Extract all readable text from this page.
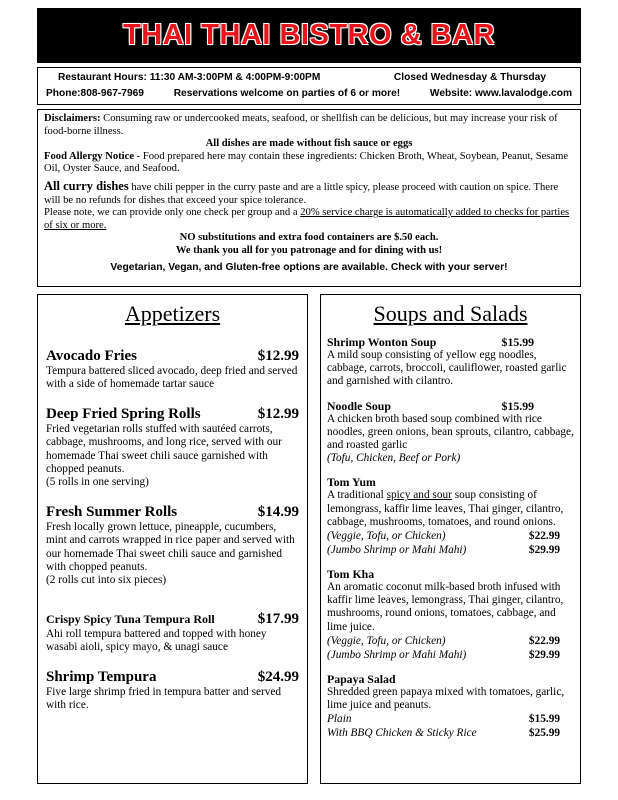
THAI THAI BISTRO & BAR
Restaurant Hours: 11:30 AM-3:00PM & 4:00PM-9:00PM	Closed Wednesday & Thursday
Phone:808-967-7969	Reservations welcome on parties of 6 or more!	Website: www.lavalodge.com

Disclaimers: Consuming raw or undercooked meats, seafood, or shellfish can be delicious, but may increase your risk of food-borne illness.

All dishes are made without fish sauce or eggs

Food Allergy Notice - Food prepared here may contain these ingredients: Chicken Broth, Wheat, Soybean, Peanut, Sesame Oil, Oyster Sauce, and Seafood.

All curry dishes have chili pepper in the curry paste and are a little spicy, please proceed with caution on spice. There will be no refunds for dishes that exceed your spice tolerance.

Please note, we can provide only one check per group and a 20% service charge is automatically added to checks for parties of six or more.

NO substitutions and extra food containers are $.50 each.

We thank you all for you patronage and for dining with us!

Vegetarian, Vegan, and Gluten-free options are available. Check with your server!

Appetizers
Avocado Fries	$12.99
Tempura battered sliced avocado, deep fried and served with a side of homemade tartar sauce
Deep Fried Spring Rolls	$12.99
Fried vegetarian rolls stuffed with sautéed carrots, cabbage, mushrooms, and long rice, served with our homemade Thai sweet chili sauce garnished with chopped peanuts.
(5 rolls in one serving)
Fresh Summer Rolls	$14.99
Fresh locally grown lettuce, pineapple, cucumbers, mint and carrots wrapped in rice paper and served with our homemade Thai sweet chili sauce and garnished with chopped peanuts.
(2 rolls cut into six pieces)
Crispy Spicy Tuna Tempura Roll	$17.99
Ahi roll tempura battered and topped with honey wasabi aioli, spicy mayo, & unagi sauce
Shrimp Tempura	$24.99
Five large shrimp fried in tempura batter and served with rice.
Soups and Salads
Shrimp Wonton Soup	$15.99
A mild soup consisting of yellow egg noodles, cabbage, carrots, broccoli, cauliflower, roasted garlic and garnished with cilantro.
Noodle Soup	$15.99
A chicken broth based soup combined with rice noodles, green onions, bean sprouts, cilantro, cabbage, and roasted garlic
(Tofu, Chicken, Beef or Pork)
Tom Yum
A traditional spicy and sour soup consisting of lemongrass, kaffir lime leaves, Thai ginger, cilantro, cabbage, mushrooms, tomatoes, and round onions.
(Veggie, Tofu, or Chicken)	$22.99
(Jumbo Shrimp or Mahi Mahi)	$29.99
Tom Kha
An aromatic coconut milk-based broth infused with kaffir lime leaves, lemongrass, Thai ginger, cilantro, mushrooms, round onions, tomatoes, cabbage, and lime juice.
(Veggie, Tofu, or Chicken)	$22.99
(Jumbo Shrimp or Mahi Mahi)	$29.99
Papaya Salad
Shredded green papaya mixed with tomatoes, garlic, lime juice and peanuts.
Plain	$15.99
With BBQ Chicken & Sticky Rice	$25.99
